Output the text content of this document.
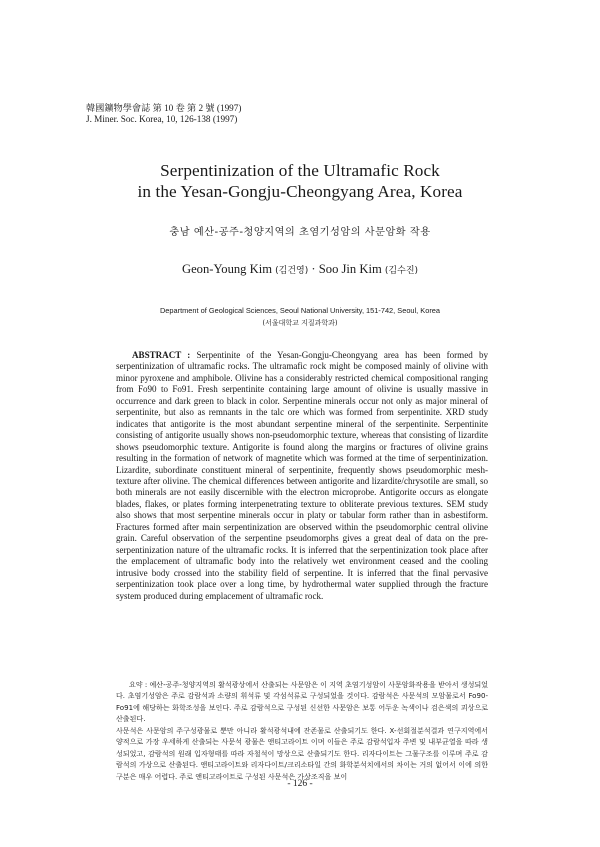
韓國鑛物學會誌 第 10 卷 第 2 號 (1997)
J. Miner. Soc. Korea, 10, 126-138 (1997)
Serpentinization of the Ultramafic Rock
in the Yesan-Gongju-Cheongyang Area, Korea
충남 예산-공주-청양지역의 초염기성암의 사문암화 작용
Geon-Young Kim (김건영) · Soo Jin Kim (김수진)
Department of Geological Sciences, Seoul National University, 151-742, Seoul, Korea
(서울대학교 지질과학과)

ABSTRACT : Serpentinite of the Yesan-Gongju-Cheongyang area has been formed by serpentinization of ultramafic rocks. The ultramafic rock might be composed mainly of olivine with minor pyroxene and amphibole. Olivine has a considerably restricted chemical compositional ranging from Fo90 to Fo91. Fresh serpentinite containing large amount of olivine is usually massive in occurrence and dark green to black in color. Serpentine minerals occur not only as major mineral of serpentinite, but also as remnants in the talc ore which was formed from serpentinite. XRD study indicates that antigorite is the most abundant serpentine mineral of the serpentinite. Serpentinite consisting of antigorite usually shows non-pseudomorphic texture, whereas that consisting of lizardite shows pseudomorphic texture. Antigorite is found along the margins or fractures of olivine grains resulting in the formation of network of magnetite which was formed at the time of serpentinization. Lizardite, subordinate constituent mineral of serpentinite, frequently shows pseudomorphic mesh-texture after olivine. The chemical differences between antigorite and lizardite/chrysotile are small, so both minerals are not easily discernible with the electron microprobe. Antigorite occurs as elongate blades, flakes, or plates forming interpenetrating texture to obliterate previous textures. SEM study also shows that most serpentine minerals occur in platy or tabular form rather than in asbestiform. Fractures formed after main serpentinization are observed within the pseudomorphic central olivine grain. Careful observation of the serpentine pseudomorphs gives a great deal of data on the pre-serpentinization nature of the ultramafic rocks. It is inferred that the serpentinization took place after the emplacement of ultramafic body into the relatively wet environment ceased and the cooling intrusive body crossed into the stability field of serpentine. It is inferred that the final pervasive serpentinization took place over a long time, by hydrothermal water supplied through the fracture system produced during emplacement of ultramafic rock.

요약 : 예산-공주-청양지역의 활석광상에서 산출되는 사문암은 이 지역 초염기성암이 사문암화작용을 받아서 생성되었다. 초염기성암은 주로 감람석과 소량의 휘석류 및 각섬석류로 구성되었을 것이다. 감람석은 사문석의 모암물로서 Fo90-Fo91에 해당하는 화학조성을 보인다. 주로 감람석으로 구성된 신선한 사문암은 보통 어두운 녹색이나 검은색의 괴상으로 산출된다.

사문석은 사문암의 주구성광물로 뿐만 아니라 활석광석내에 잔존물로 산출되기도 한다. X-선회절분석결과 연구지역에서 양적으로 가장 우세하게 산출되는 사문석 광물은 앤티고라이트 이며 이들은 주로 감람석입자 주변 및 내부균열을 따라 생성되었고, 감람석의 원래 입자형태를 따라 자철석이 망상으로 산출되기도 한다. 리자다이트는 그물구조를 이루며 주로 감람석의 가상으로 산출된다. 앤티고라이트와 리자다이트/크리소타일 간의 화학분석치에서의 차이는 거의 없어서 이에 의한 구분은 매우 어렵다. 주로 앤티고라이트로 구성된 사문석은 가상조직을 보이

- 126 -
